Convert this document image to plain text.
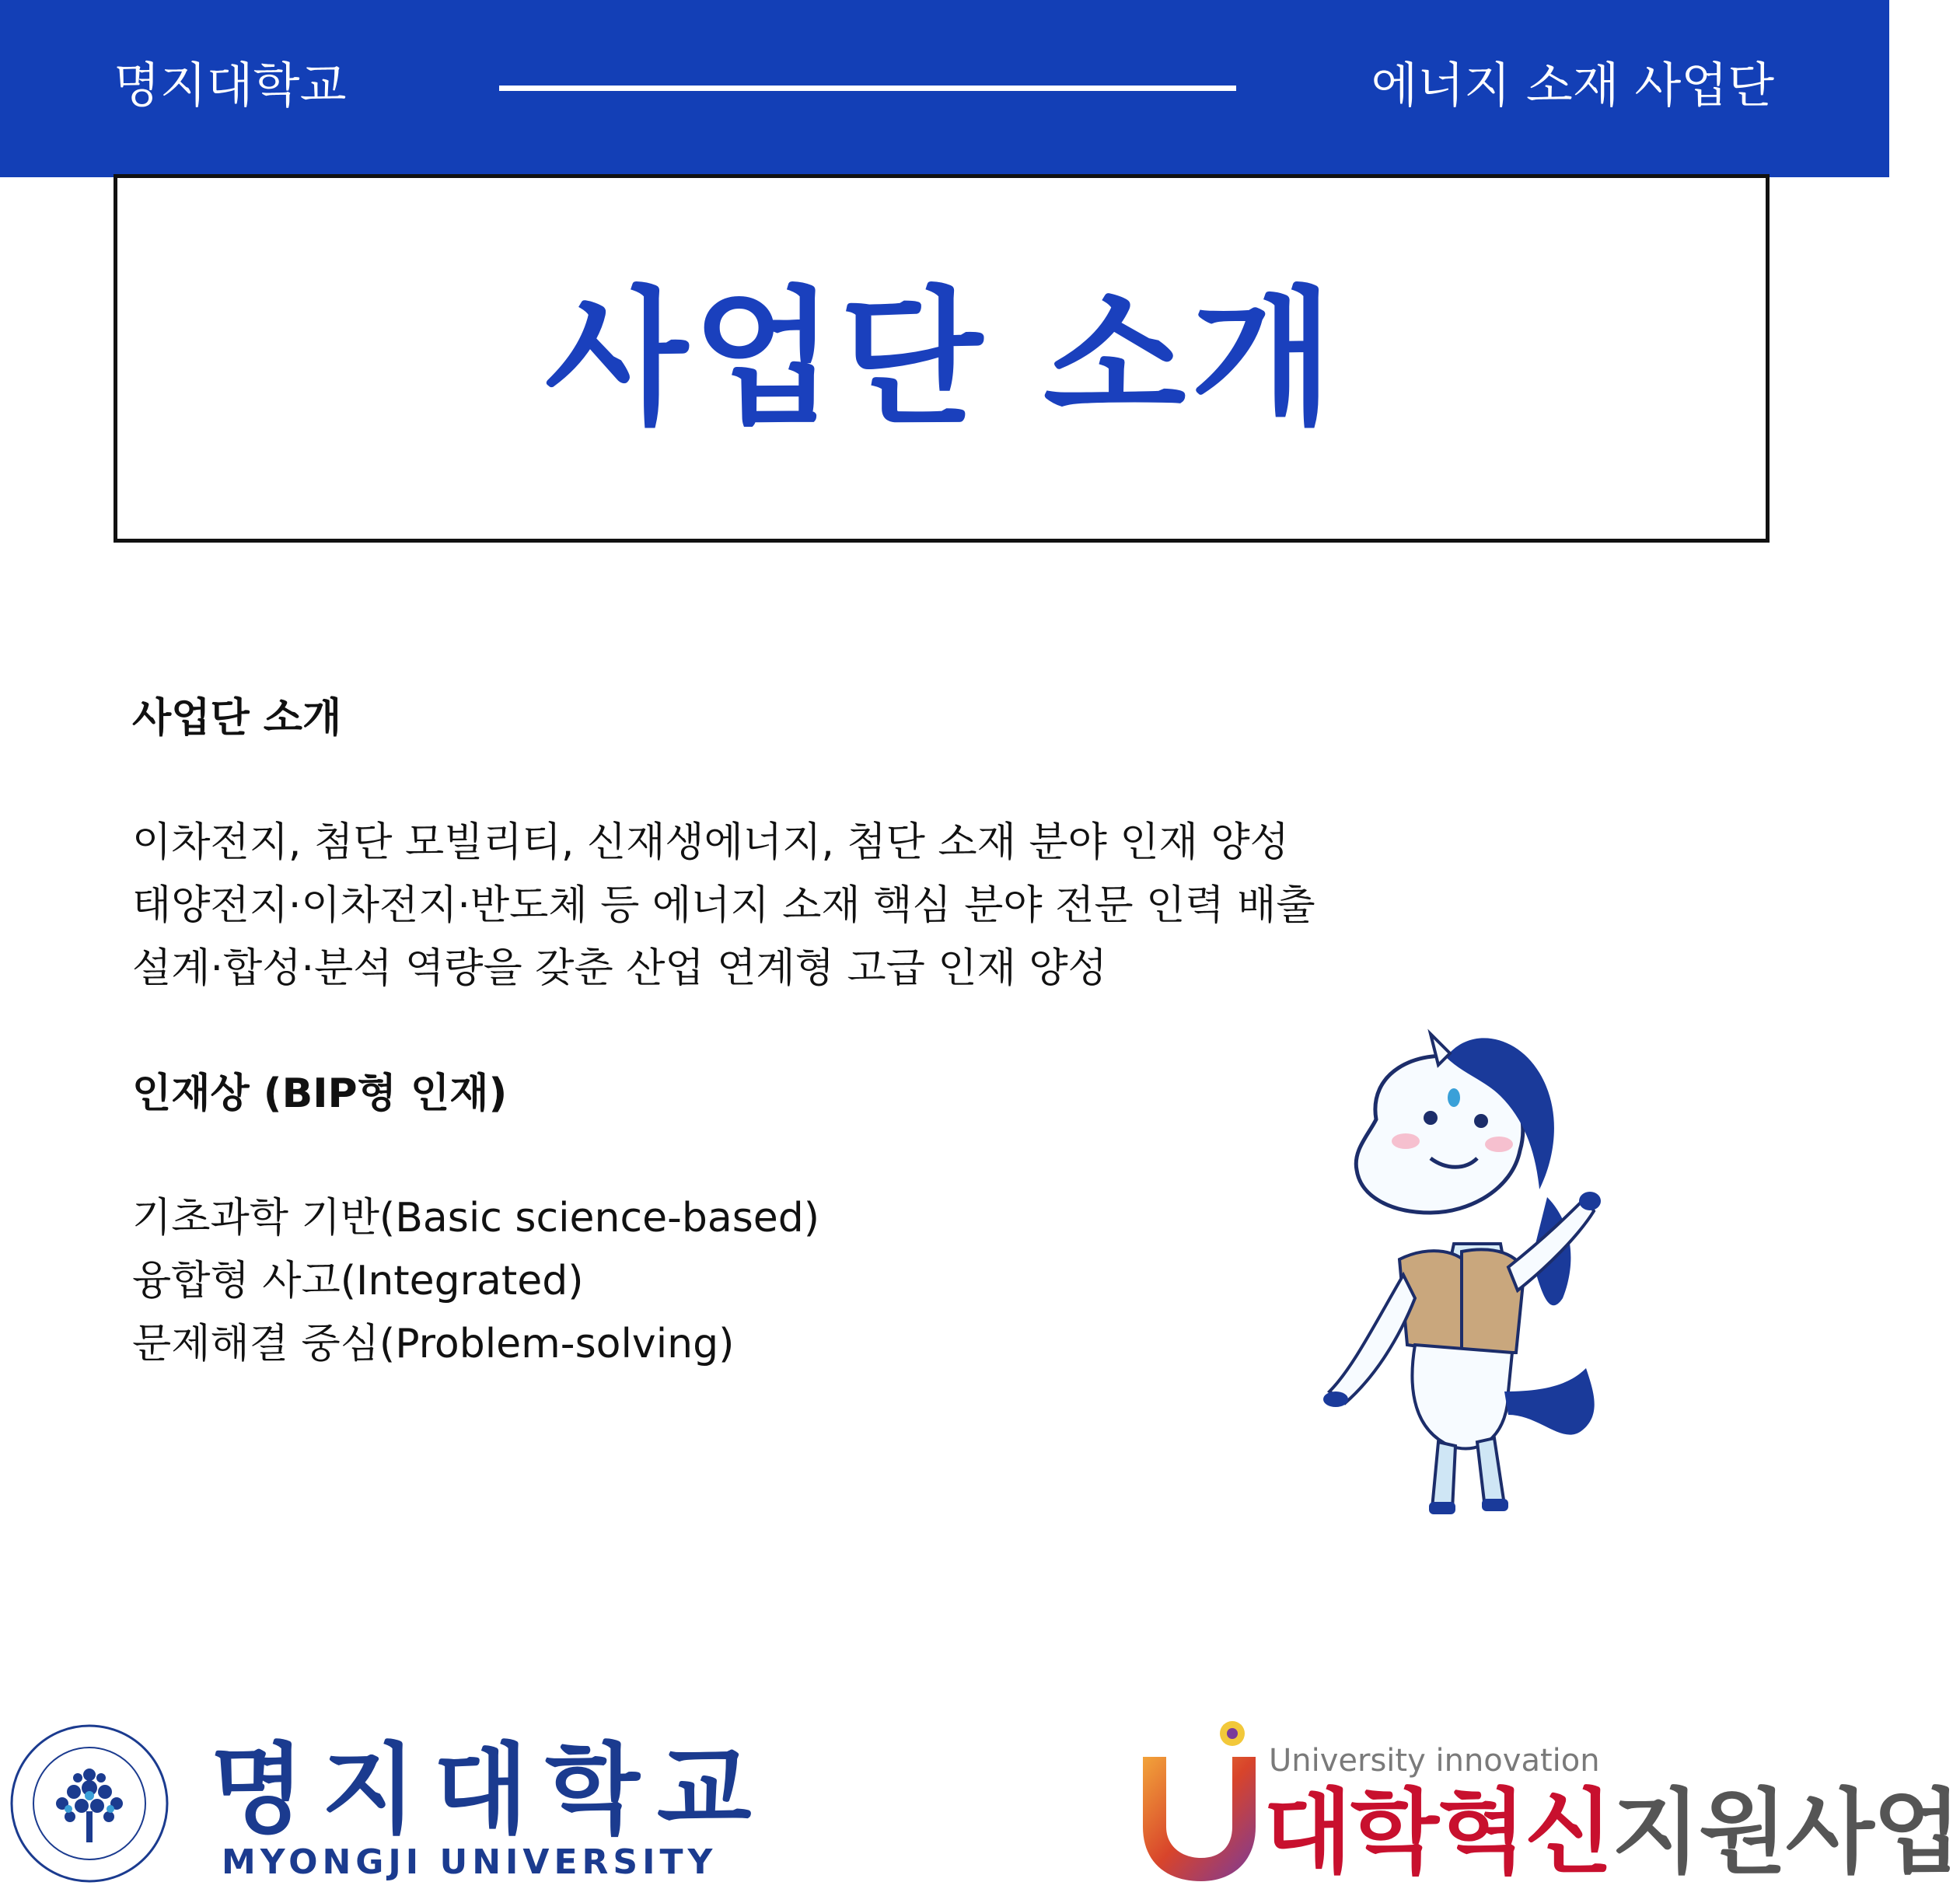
명지대학교	에너지 소재 사업단
사업단 소개

사업단 소개

이차전지, 첨단 모빌리티, 신재생에너지, 첨단 소재 분야 인재 양성

태양전지·이차전지·반도체 등 에너지 소재 핵심 분야 전문 인력 배출

설계·합성·분석 역량을 갖춘 산업 연계형 고급 인재 양성

인재상 (BIP형 인재)

기초과학 기반(Basic science-based)

융합형 사고(Integrated)

문제해결 중심(Problem-solving)

명지대학교
MYONGJI UNIVERSITY
University innovation
대학혁신지원사업
